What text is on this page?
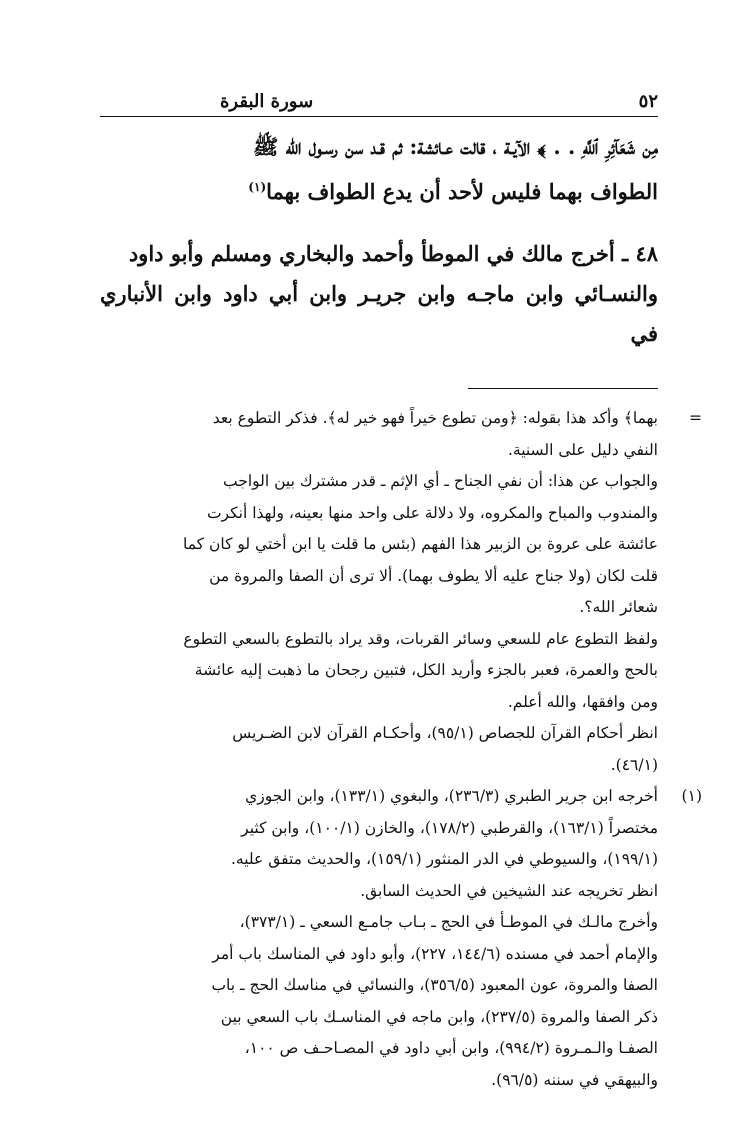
٥٢
سورة البقرة
مِن شَعَآئِرِ ٱللَّهِ . . ﴾ الآيـة ، قالت عـائشة: ثم قـد سن رسـول الله ﷺ
الطواف بهما فليس لأحد أن يدع الطواف بهما$^{(١)}$
٤٨ ـ أخرج مالك في الموطأ وأحمد والبخاري ومسلم وأبو داود
والنسـائي وابن ماجـه وابن جريـر وابن أبي داود وابن الأنباري في
=

بهما﴾ وأكد هذا بقوله: ﴿ومن تطوع خيراً فهو خير له﴾. فذكر التطوع بعد

النفي دليل على السنية.

والجواب عن هذا: أن نفي الجناح ـ أي الإثم ـ قدر مشترك بين الواجب

والمندوب والمباح والمكروه، ولا دلالة على واحد منها بعينه، ولهذا أنكرت

عائشة على عروة بن الزبير هذا الفهم (بئس ما قلت يا ابن أختي لو كان كما

قلت لكان (ولا جناح عليه ألا يطوف بهما). ألا ترى أن الصفا والمروة من

شعائر الله؟.

ولفظ التطوع عام للسعي وسائر القربات، وقد يراد بالتطوع بالسعي التطوع

بالحج والعمرة، فعبر بالجزء وأريد الكل، فتبين رجحان ما ذهبت إليه عائشة

ومن وافقها، والله أعلم.

انظر أحكام القرآن للجصاص (٩٥/١)، وأحكـام القرآن لابن الضـريس

(٤٦/١).

(١)

أخرجه ابن جرير الطبري (٢٣٦/٣)، والبغوي (١٣٣/١)، وابن الجوزي

مختصراً (١٦٣/١)، والقرطبي (١٧٨/٢)، والخازن (١٠٠/١)، وابن كثير

(١٩٩/١)، والسيوطي في الدر المنثور (١٥٩/١)، والحديث متفق عليه.

انظر تخريجه عند الشيخين في الحديث السابق.

وأخرج مالـك في الموطـأ في الحج ـ بـاب جامـع السعي ـ (٣٧٣/١)،

والإمام أحمد في مسنده (١٤٤/٦، ٢٢٧)، وأبو داود في المناسك باب أمر

الصفا والمروة، عون المعبود (٣٥٦/٥)، والنسائي في مناسك الحج ـ باب

ذكر الصفا والمروة (٢٣٧/٥)، وابن ماجه في المناسـك باب السعي بين

الصفـا والـمـروة (٩٩٤/٢)، وابن أبي داود في المصـاحـف ص ١٠٠،

والبيهقي في سننه (٩٦/٥).
